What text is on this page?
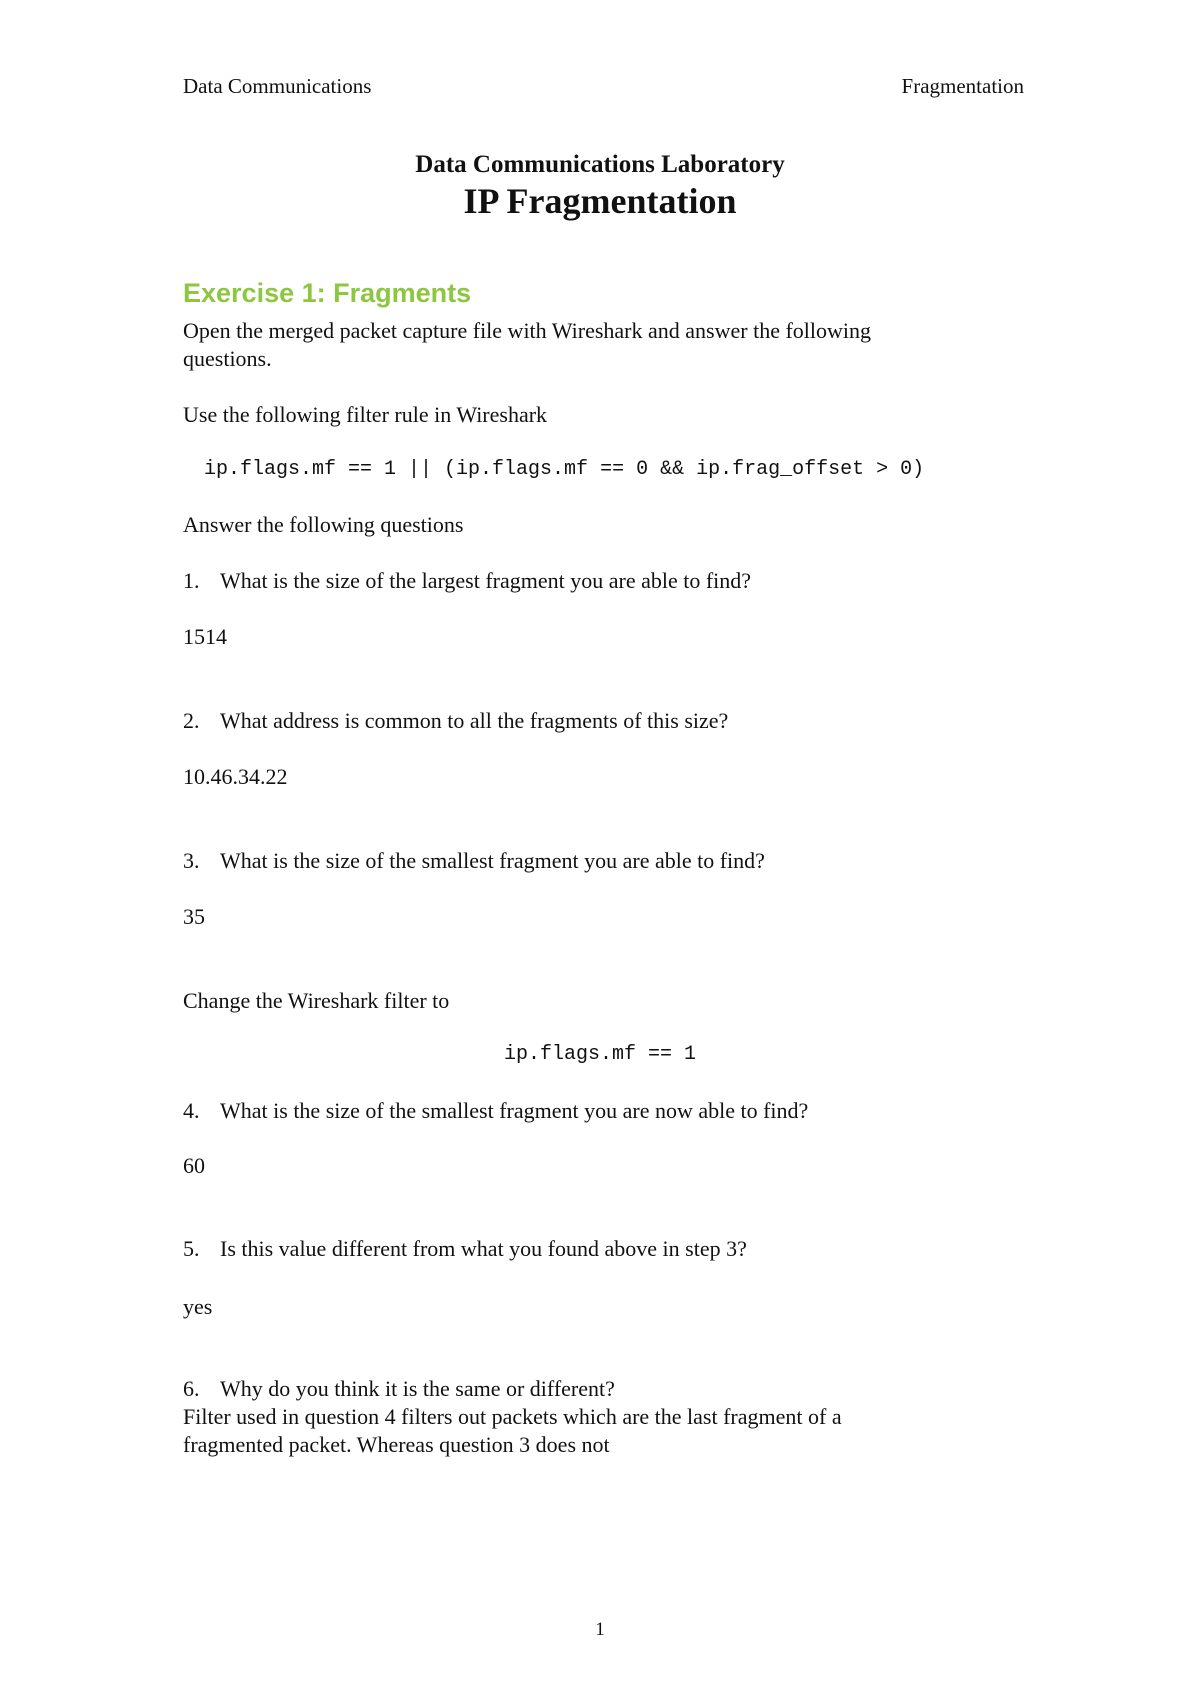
Data Communications	Fragmentation
Data Communications Laboratory
IP Fragmentation
Exercise 1: Fragments
Open the merged packet capture file with Wireshark and answer the following
questions.
Use the following filter rule in Wireshark
ip.flags.mf == 1 || (ip.flags.mf == 0 && ip.frag_offset > 0)
Answer the following questions
1. What is the size of the largest fragment you are able to find?
1514
2. What address is common to all the fragments of this size?
10.46.34.22
3. What is the size of the smallest fragment you are able to find?
35
Change the Wireshark filter to
ip.flags.mf == 1
4. What is the size of the smallest fragment you are now able to find?
60
5. Is this value different from what you found above in step 3?
yes
6. Why do you think it is the same or different?
Filter used in question 4 filters out packets which are the last fragment of a
fragmented packet. Whereas question 3 does not
1
